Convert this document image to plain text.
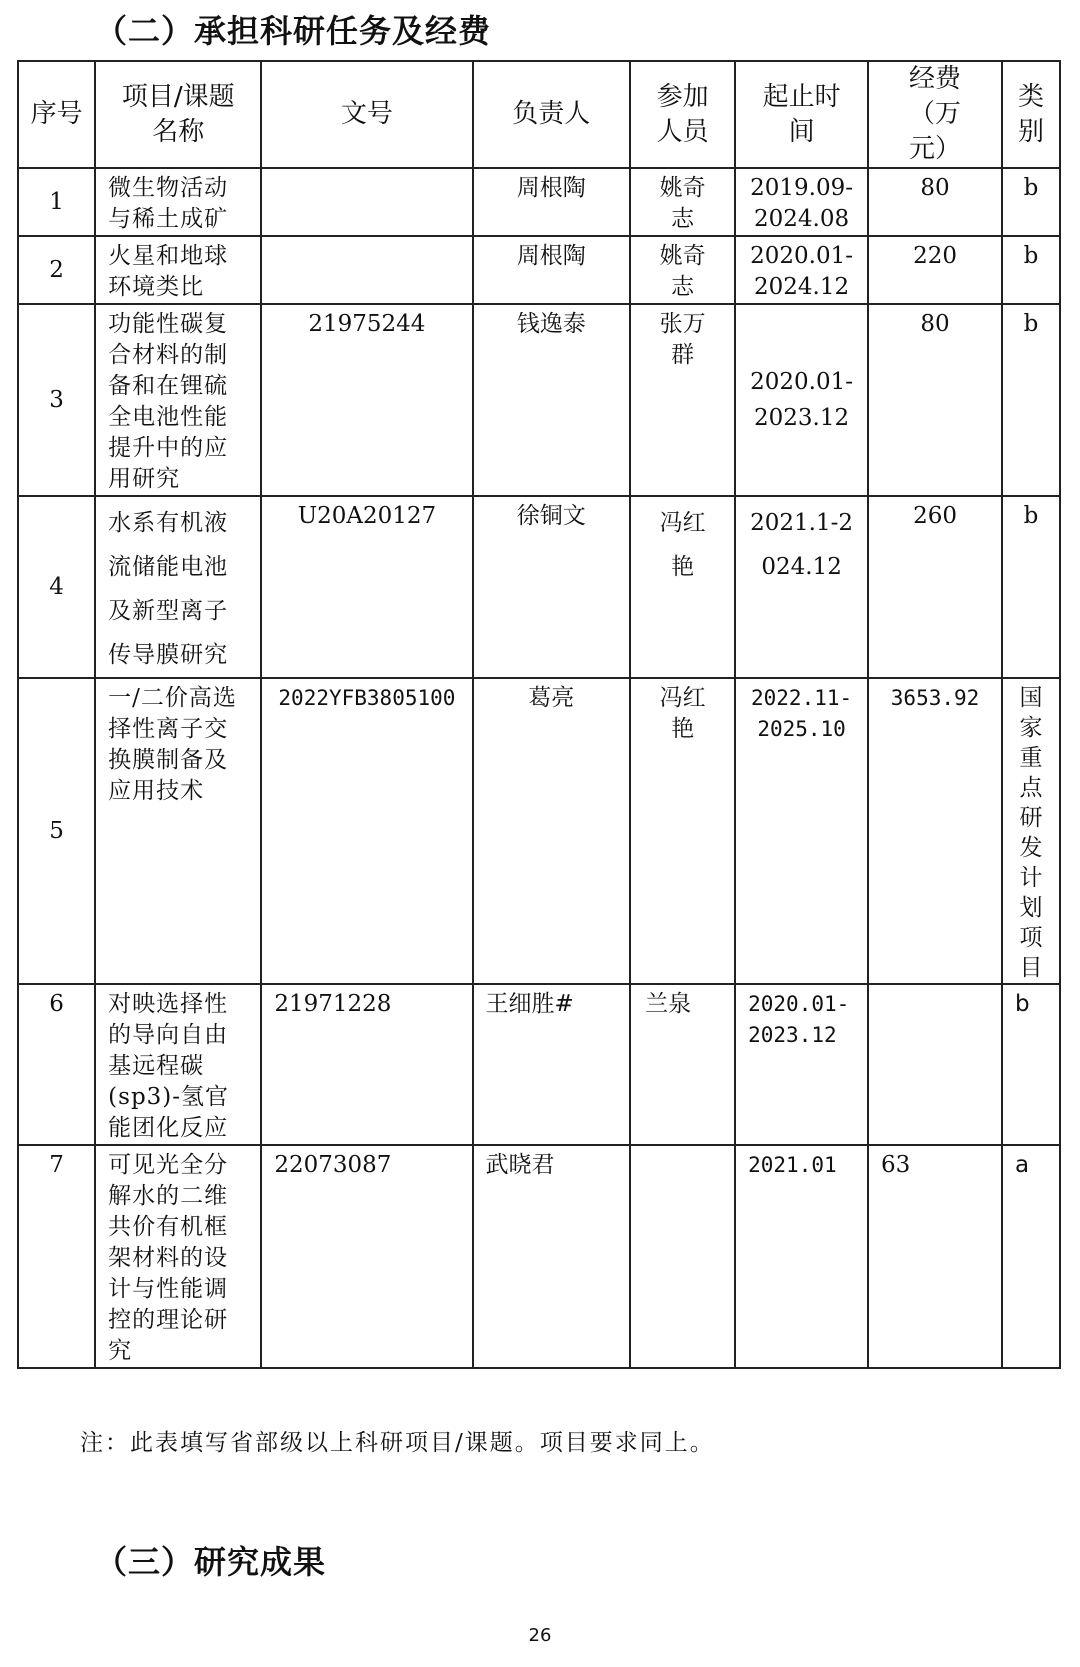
（二）承担科研任务及经费
序号	项目/课题名称	文号	负责人	参加人员	起止时间	经费（万元）	类别
1	微生物活动与稀土成矿		周根陶	姚奇志	2019.09-2024.08	80	b
2	火星和地球环境类比		周根陶	姚奇志	2020.01-2024.12	220	b
3	功能性碳复合材料的制备和在锂硫全电池性能提升中的应用研究	21975244	钱逸泰	张万群	2020.01-2023.12	80	b
4	水系有机液流储能电池及新型离子传导膜研究	U20A20127	徐铜文	冯红艳	2021.1-2024.12	260	b
5	一/二价高选择性离子交换膜制备及应用技术	2022YFB3805100	葛亮	冯红艳	2022.11-2025.10	3653.92	国家重点研发计划项目
6	对映选择性的导向自由基远程碳(sp3)-氢官能团化反应	21971228	王细胜#	兰泉	2020.01-2023.12		b
7	可见光全分解水的二维共价有机框架材料的设计与性能调控的理论研究	22073087	武晓君		2021.01	63	a
注：此表填写省部级以上科研项目/课题。项目要求同上。
（三）研究成果
26
